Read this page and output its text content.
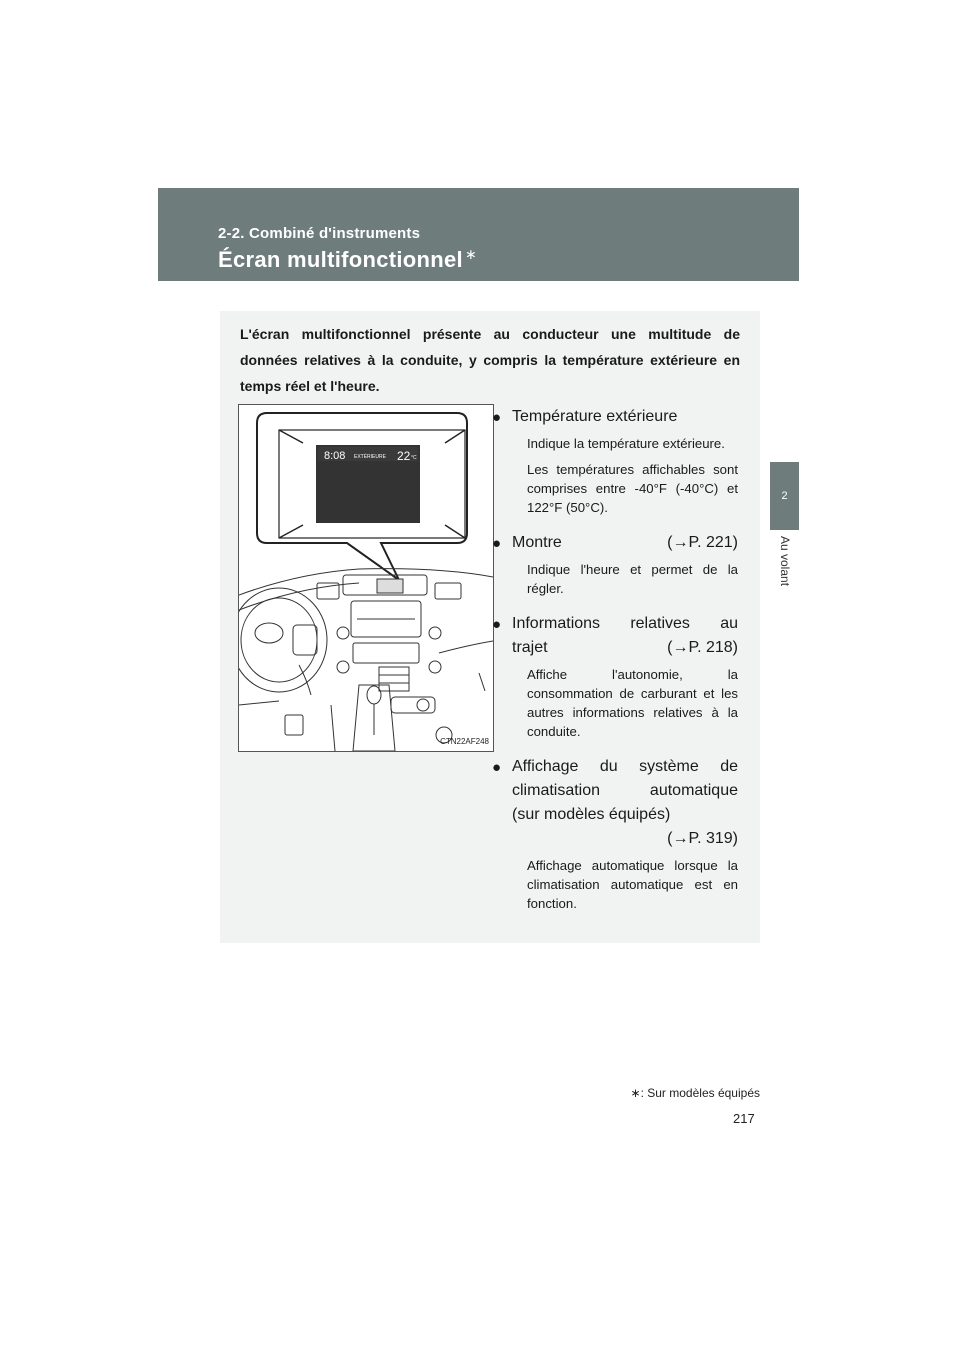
2-2. Combiné d'instruments
Écran multifonctionnel ∗
2
Au volant
L'écran multifonctionnel présente au conducteur une multitude de données relatives à la conduite, y compris la température extérieure en temps réel et l'heure.
8:08 EXTÉRIEURE 22 °C
CTN22AF248
● Température extérieure

Indique la température extérieure.

Les températures affichables sont comprises entre -40°F (-40°C) et 122°F (50°C).

● Montre	(→P. 221)

Indique l'heure et permet de la régler.

● Informations relatives au
trajet	(→P. 218)

Affiche l'autonomie, la consommation de carburant et les autres informations relatives à la conduite.

● Affichage du système de
climatisation automatique
(sur modèles équipés)
(→P. 319)

Affichage automatique lorsque la climatisation automatique est en fonction.

∗: Sur modèles équipés
217
